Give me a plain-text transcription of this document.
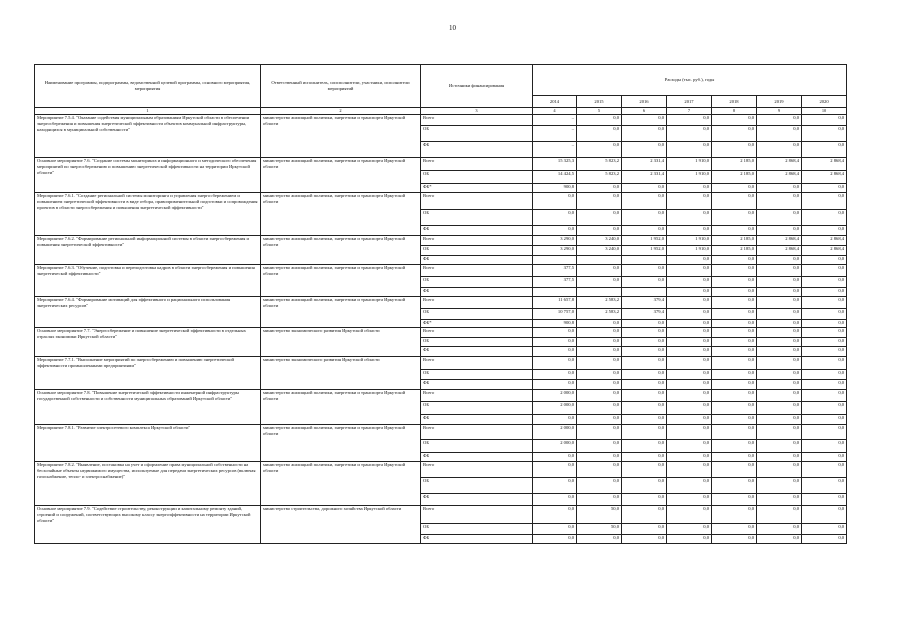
10
Наименование программы, подпрограммы, ведомственной целевой программы, основного мероприятия, мероприятия	Ответственный исполнитель, соисполнители, участники, исполнители мероприятий	Источники финансирования	Расходы (тыс. руб.), годы						
			2014	2015	2016	2017	2018	2019	2020
1	2	3	4	5	6	7	8	9	10
Мероприятие 7.5.4. "Оказание содействия муниципальным образованиям Иркутской области в обеспечении энергосбережения и повышения энергетической эффективности объектов коммунальной инфраструктуры, находящихся в муниципальной собственности"	министерство жилищной политики, энергетики и транспорта Иркутской области	Всего	–	0,0	0,0	0,0	0,0	0,0	0,0
		ОБ	–	0,0	0,0	0,0	0,0	0,0	0,0
		ФБ	–	0,0	0,0	0,0	0,0	0,0	0,0
Основное мероприятие 7.6. "Создание системы мониторинга и информационного и методического обеспечения мероприятий по энергосбережению и повышению энергетической эффективности на территории Иркутской области"	министерство жилищной политики, энергетики и транспорта Иркутской области	Всего	15 325,3	5 823,2	2 331,4	1 910,0	2 185,0	2 868,4	2 868,4
		ОБ	14 424,5	5 823,2	2 331,4	1 910,0	2 185,0	2 868,4	2 868,4
		ФБ*	900,8	0,0	0,0	0,0	0,0	0,0	0,0
Мероприятие 7.6.1. "Создание региональной системы мониторинга и управления энергосбережением и повышением энергетической эффективности в виде отбора, правоприменительной подготовки и сопровождения проектов в области энергосбережения и повышения энергетической эффективности"	министерство жилищной политики, энергетики и транспорта Иркутской области	Всего	0,0	0,0	0,0	0,0	0,0	0,0	0,0
		ОБ	0,0	0,0	0,0	0,0	0,0	0,0	0,0
		ФБ	0,0	0,0	0,0	0,0	0,0	0,0	0,0
Мероприятие 7.6.2. "Формирование региональной информационной системы в области энергосбережения и повышения энергетической эффективности"	министерство жилищной политики, энергетики и транспорта Иркутской области	Всего	3 290,0	3 240,0	1 952,0	1 910,0	2 185,0	2 868,4	2 868,4
		ОБ	3 290,0	3 240,0	1 952,0	1 910,0	2 185,0	2 868,4	2 868,4
		ФБ				0,0	0,0	0,0	0,0
Мероприятие 7.6.3. "Обучение, подготовка и переподготовка кадров в области энергосбережения и повышения энергетической эффективности"	министерство жилищной политики, энергетики и транспорта Иркутской области	Всего	377,5	0,0	0,0	0,0	0,0	0,0	0,0
		ОБ	377,5	0,0	0,0	0,0	0,0	0,0	0,0
		ФБ				0,0	0,0	0,0	0,0
Мероприятие 7.6.4. "Формирование мотиваций для эффективного и рационального использования энергетических ресурсов"	министерство жилищной политики, энергетики и транспорта Иркутской области	Всего	11 657,8	2 583,2	379,4	0,0	0,0	0,0	0,0
		ОБ	10 757,0	2 583,2	379,4	0,0	0,0	0,0	0,0
		ФБ*	900,8	0,0	0,0	0,0	0,0	0,0	0,0
Основное мероприятие 7.7. "Энергосбережение и повышение энергетической эффективности в отдельных отраслях экономики Иркутской области"	министерство экономического развития Иркутской области	Всего	0,0	0,0	0,0	0,0	0,0	0,0	0,0
		ОБ	0,0	0,0	0,0	0,0	0,0	0,0	0,0
		ФБ	0,0	0,0	0,0	0,0	0,0	0,0	0,0
Мероприятие 7.7.1. "Выполнение мероприятий по энергосбережению и повышению энергетической эффективности промышленными предприятиями"	министерство экономического развития Иркутской области	Всего	0,0	0,0	0,0	0,0	0,0	0,0	0,0
		ОБ	0,0	0,0	0,0	0,0	0,0	0,0	0,0
		ФБ	0,0	0,0	0,0	0,0	0,0	0,0	0,0
Основное мероприятие 7.8. "Повышение энергетической эффективности инженерной инфраструктуры государственной собственности и собственности муниципальных образований Иркутской области"	министерство жилищной политики, энергетики и транспорта Иркутской области	Всего	2 000,0	0,0	0,0	0,0	0,0	0,0	0,0
		ОБ	2 000,0	0,0	0,0	0,0	0,0	0,0	0,0
		ФБ	0,0	0,0	0,0	0,0	0,0	0,0	0,0
Мероприятие 7.8.1. "Развитие электросетевого комплекса Иркутской области"	министерство жилищной политики, энергетики и транспорта Иркутской области	Всего	2 000,0	0,0	0,0	0,0	0,0	0,0	0,0
		ОБ	2 000,0	0,0	0,0	0,0	0,0	0,0	0,0
		ФБ	0,0	0,0	0,0	0,0	0,0	0,0	0,0
Мероприятие 7.8.2. "Выявление, постановка на учет и оформление права муниципальной собственности на бесхозяйные объекты недвижимого имущества, используемые для передачи энергетических ресурсов (включая газоснабжение, тепло- и электроснабжение)"	министерство жилищной политики, энергетики и транспорта Иркутской области	Всего	0,0	0,0	0,0	0,0	0,0	0,0	0,0
		ОБ	0,0	0,0	0,0	0,0	0,0	0,0	0,0
		ФБ	0,0	0,0	0,0	0,0	0,0	0,0	0,0
Основное мероприятие 7.9. "Содействие строительству, реконструкции и капитальному ремонту зданий, строений и сооружений, соответствующих высокому классу энергоэффективности на территории Иркутской области"	министерство строительства, дорожного хозяйства Иркутской области	Всего	0,0	50,0	0,0	0,0	0,0	0,0	0,0
		ОБ	0,0	50,0	0,0	0,0	0,0	0,0	0,0
		ФБ	0,0	0,0	0,0	0,0	0,0	0,0	0,0
